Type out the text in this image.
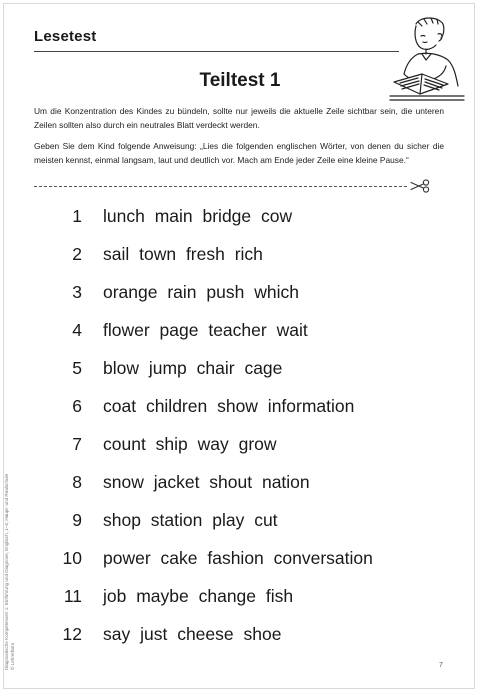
Lesetest
Teiltest 1
Um die Konzentration des Kindes zu bündeln, sollte nur jeweils die aktuelle Zeile sichtbar sein, die unteren Zeilen sollten also durch ein neutrales Blatt verdeckt werden.
Geben Sie dem Kind folgende Anweisung: „Lies die folgenden englischen Wörter, von denen du sicher die meisten kennst, einmal langsam, laut und deutlich vor. Mach am Ende jeder Zeile eine kleine Pause.“
1 lunch main bridge cow
2 sail town fresh rich
3 orange rain push which
4 flower page teacher wait
5 blow jump chair cage
6 coat children show information
7 count ship way grow
8 snow jacket shout nation
9 shop station play cut
10 power cake fashion conversation
11 job maybe change fish
12 say just cheese shoe
Diagnostische Kompetenzen 1: Einführung und Diagnose, Englisch, 1–4, Haupt- und Realschule © Lehrerbüro	7
